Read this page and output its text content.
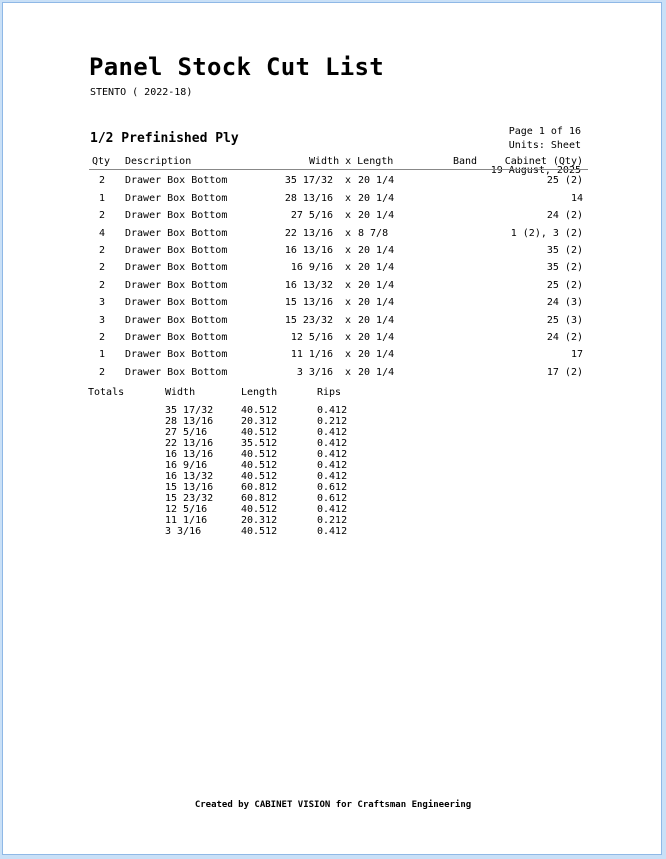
Panel Stock Cut List
STENTO ( 2022-18)

Page 1 of 16

19 August, 2025

1/2 Prefinished Ply	Units: Sheet
Qty Description	Width x Length	Band	Cabinet (Qty)
2 Drawer Box Bottom	35 17/32 x 20 1/4	25 (2)
1 Drawer Box Bottom	28 13/16 x 20 1/4	14
2 Drawer Box Bottom	27 5/16 x 20 1/4	24 (2)
4 Drawer Box Bottom	22 13/16 x 8 7/8	1 (2), 3 (2)
2 Drawer Box Bottom	16 13/16 x 20 1/4	35 (2)
2 Drawer Box Bottom	16 9/16 x 20 1/4	35 (2)
2 Drawer Box Bottom	16 13/32 x 20 1/4	25 (2)
3 Drawer Box Bottom	15 13/16 x 20 1/4	24 (3)
3 Drawer Box Bottom	15 23/32 x 20 1/4	25 (3)
2 Drawer Box Bottom	12 5/16 x 20 1/4	24 (2)
1 Drawer Box Bottom	11 1/16 x 20 1/4	17
2 Drawer Box Bottom	3 3/16 x 20 1/4	17 (2)
Totals	Width	Length	Rips
35 17/32	40.512	0.412
28 13/16	20.312	0.212
27 5/16	40.512	0.412
22 13/16	35.512	0.412
16 13/16	40.512	0.412
16 9/16	40.512	0.412
16 13/32	40.512	0.412
15 13/16	60.812	0.612
15 23/32	60.812	0.612
12 5/16	40.512	0.412
11 1/16	20.312	0.212
3 3/16	40.512	0.412
Created by CABINET VISION for Craftsman Engineering
